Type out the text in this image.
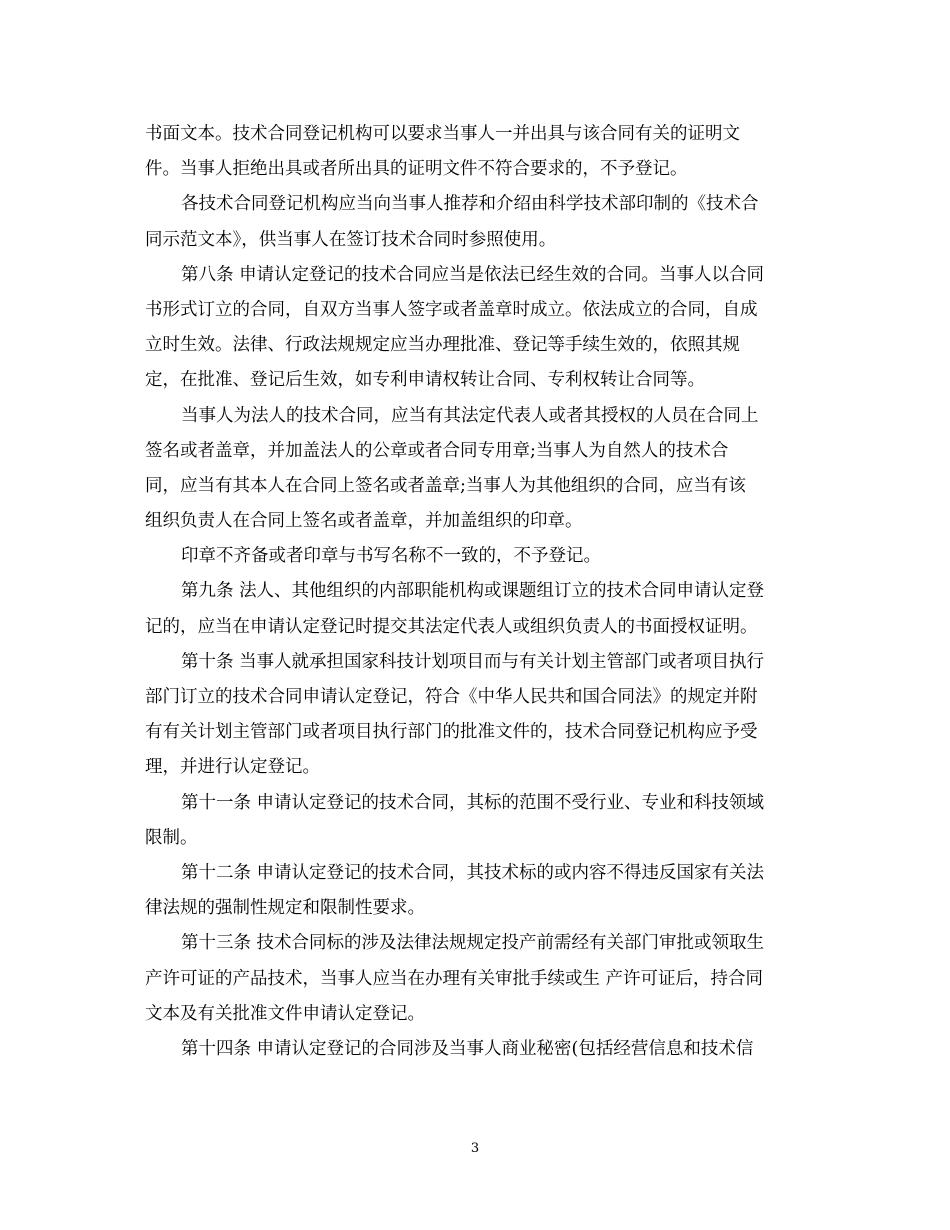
书面文本。技术合同登记机构可以要求当事人一并出具与该合同有关的证明文
件。当事人拒绝出具或者所出具的证明文件不符合要求的，不予登记。
各技术合同登记机构应当向当事人推荐和介绍由科学技术部印制的《技术合
同示范文本》，供当事人在签订技术合同时参照使用。
第八条 申请认定登记的技术合同应当是依法已经生效的合同。当事人以合同
书形式订立的合同，自双方当事人签字或者盖章时成立。依法成立的合同，自成
立时生效。法律、行政法规规定应当办理批准、登记等手续生效的，依照其规
定，在批准、登记后生效，如专利申请权转让合同、专利权转让合同等。
当事人为法人的技术合同，应当有其法定代表人或者其授权的人员在合同上
签名或者盖章，并加盖法人的公章或者合同专用章;当事人为自然人的技术合
同，应当有其本人在合同上签名或者盖章;当事人为其他组织的合同，应当有该
组织负责人在合同上签名或者盖章，并加盖组织的印章。
印章不齐备或者印章与书写名称不一致的，不予登记。
第九条 法人、其他组织的内部职能机构或课题组订立的技术合同申请认定登
记的，应当在申请认定登记时提交其法定代表人或组织负责人的书面授权证明。
第十条 当事人就承担国家科技计划项目而与有关计划主管部门或者项目执行
部门订立的技术合同申请认定登记，符合《中华人民共和国合同法》的规定并附
有有关计划主管部门或者项目执行部门的批准文件的，技术合同登记机构应予受
理，并进行认定登记。
第十一条 申请认定登记的技术合同，其标的范围不受行业、专业和科技领域
限制。
第十二条 申请认定登记的技术合同，其技术标的或内容不得违反国家有关法
律法规的强制性规定和限制性要求。
第十三条 技术合同标的涉及法律法规规定投产前需经有关部门审批或领取生
产许可证的产品技术，当事人应当在办理有关审批手续或生 产许可证后，持合同
文本及有关批准文件申请认定登记。
第十四条 申请认定登记的合同涉及当事人商业秘密(包括经营信息和技术信
3
